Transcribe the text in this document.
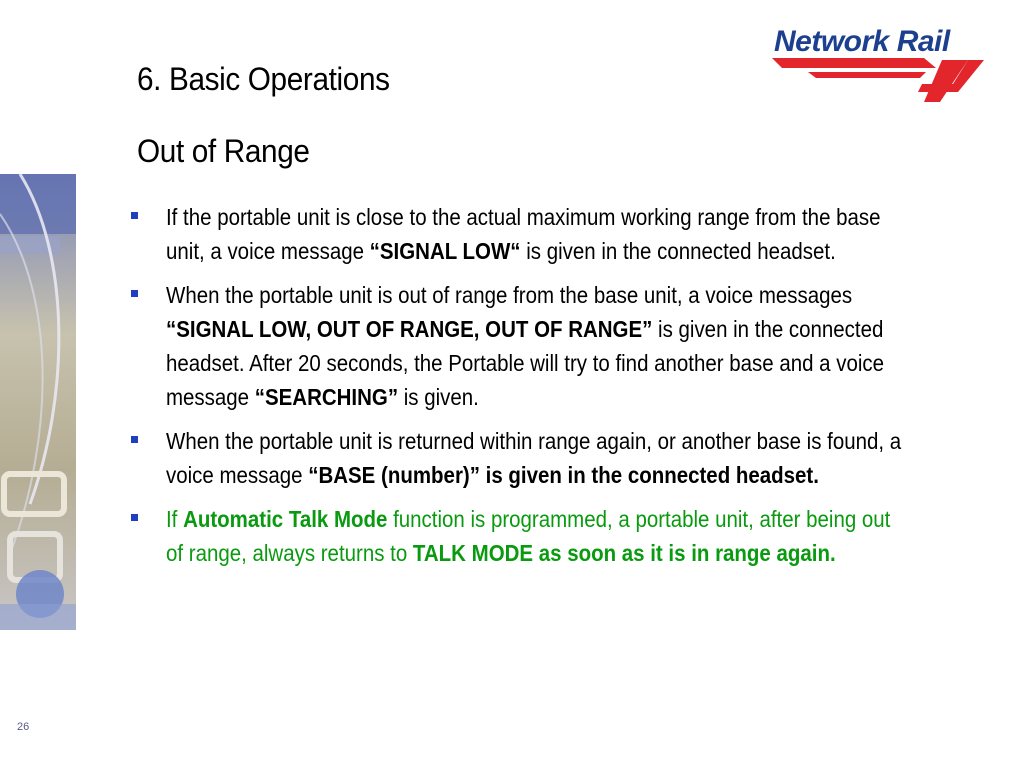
Network Rail
6. Basic Operations
Out of Range
If the portable unit is close to the actual maximum working range from the base unit, a voice message “SIGNAL LOW“ is given in the connected headset.
When the portable unit is out of range from the base unit, a voice messages “SIGNAL LOW, OUT OF RANGE, OUT OF RANGE” is given in the connected headset. After 20 seconds, the Portable will try to find another base and a voice message “SEARCHING” is given.
When the portable unit is returned within range again, or another base is found, a voice message “BASE (number)” is given in the connected headset.
If Automatic Talk Mode function is programmed, a portable unit, after being out of range, always returns to TALK MODE as soon as it is in range again.
26
